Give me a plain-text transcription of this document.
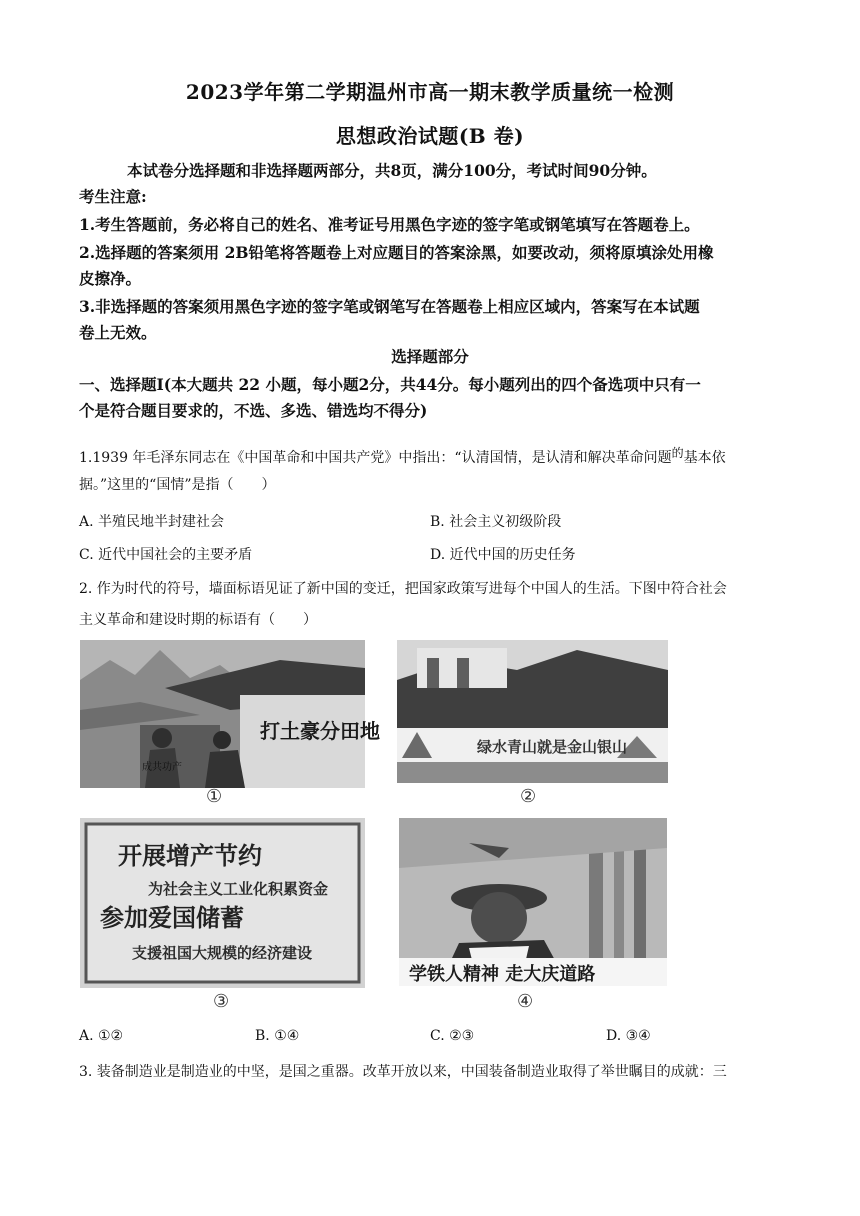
2023学年第二学期温州市高一期末教学质量统一检测
思想政治试题(B 卷)
本试卷分选择题和非选择题两部分，共8页，满分100分，考试时间90分钟。
考生注意:
1.考生答题前，务必将自己的姓名、准考证号用黑色字迹的签字笔或钢笔填写在答题卷上。
2.选择题的答案须用 2B铅笔将答题卷上对应题目的答案涂黑，如要改动，须将原填涂处用橡
皮擦净。
3.非选择题的答案须用黑色字迹的签字笔或钢笔写在答题卷上相应区域内，答案写在本试题
卷上无效。
选择题部分
一、选择题Ⅰ(本大题共 22 小题，每小题2分，共44分。每小题列出的四个备选项中只有一
个是符合题目要求的，不选、多选、错选均不得分)
1.1939 年毛泽东同志在《中国革命和中国共产党》中指出：“认清国情，是认清和解决革命问题的基本依
据。”这里的“国情”是指（　　）
A. 半殖民地半封建社会	B. 社会主义初级阶段
C. 近代中国社会的主要矛盾	D. 近代中国的历史任务
2. 作为时代的符号，墙面标语见证了新中国的变迁，把国家政策写进每个中国人的生活。下图中符合社会
主义革命和建设时期的标语有（　　）
打土豪分田地
成共功产
①
绿水青山就是金山银山
②
开展增产节约
为社会主义工业化积累资金
参加爱国储蓄
支援祖国大规模的经济建设
③
学铁人精神 走大庆道路
④
A. ①②	B. ①④	C. ②③	D. ③④
3. 装备制造业是制造业的中坚，是国之重器。改革开放以来，中国装备制造业取得了举世瞩目的成就：三
